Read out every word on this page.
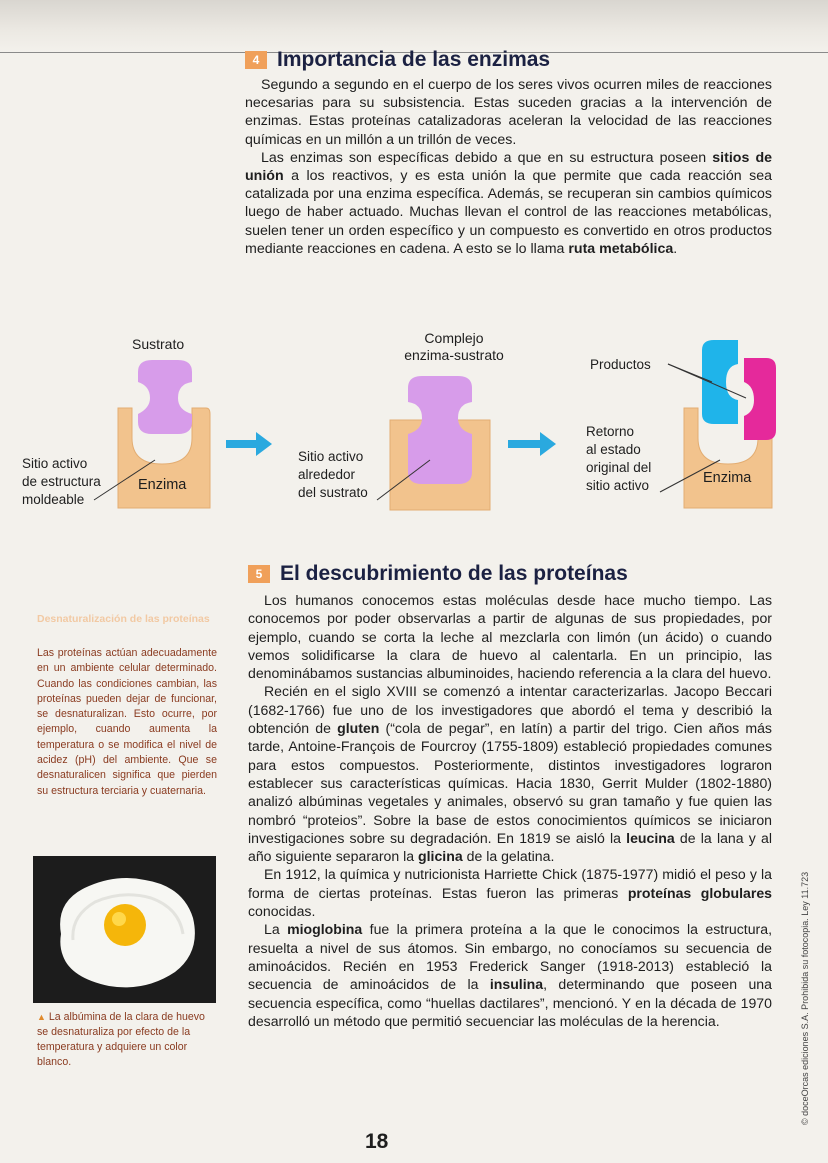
4 Importancia de las enzimas

Segundo a segundo en el cuerpo de los seres vivos ocurren miles de reacciones necesarias para su subsistencia. Estas suceden gracias a la intervención de enzimas. Estas proteínas catalizadoras aceleran la velocidad de las reacciones químicas en un millón a un trillón de veces.

Las enzimas son específicas debido a que en su estructura poseen sitios de unión a los reactivos, y es esta unión la que permite que cada reacción sea catalizada por una enzima específica. Además, se recuperan sin cambios químicos luego de haber actuado. Muchas llevan el control de las reacciones metabólicas, suelen tener un orden específico y un compuesto es convertido en otros productos mediante reacciones en cadena. A esto se lo llama ruta metabólica.

Sustrato	Complejo
enzima-sustrato
Productos
Sitio activo
de estructura
moldeable
Enzima
Sitio activo
alrededor
del sustrato
Retorno
al estado
original del
sitio activo	Enzima
5 El descubrimiento de las proteínas

Los humanos conocemos estas moléculas desde hace mucho tiempo. Las conocemos por poder observarlas a partir de algunas de sus propiedades, por ejemplo, cuando se corta la leche al mezclarla con limón (un ácido) o cuando vemos solidificarse la clara de huevo al calentarla. En un principio, las denominábamos sustancias albuminoides, haciendo referencia a la clara del huevo.

Recién en el siglo XVIII se comenzó a intentar caracterizarlas. Jacopo Beccari (1682-1766) fue uno de los investigadores que abordó el tema y describió la obtención de gluten (“cola de pegar”, en latín) a partir del trigo. Cien años más tarde, Antoine-François de Fourcroy (1755-1809) estableció propiedades comunes para estos compuestos. Posteriormente, distintos investigadores lograron establecer sus características químicas. Hacia 1830, Gerrit Mulder (1802-1880) analizó albúminas vegetales y animales, observó su gran tamaño y fue quien las nombró “proteios”. Sobre la base de estos conocimientos químicos se iniciaron investigaciones sobre su degradación. En 1819 se aisló la leucina de la lana y al año siguiente separaron la glicina de la gelatina.

En 1912, la química y nutricionista Harriette Chick (1875-1977) midió el peso y la forma de ciertas proteínas. Estas fueron las primeras proteínas globulares conocidas.

La mioglobina fue la primera proteína a la que le conocimos la estructura, resuelta a nivel de sus átomos. Sin embargo, no conocíamos su secuencia de aminoácidos. Recién en 1953 Frederick Sanger (1918-2013) estableció la secuencia de aminoácidos de la insulina, determinando que poseen una secuencia específica, como “huellas dactilares”, mencionó. Y en la década de 1970 desarrolló un método que permitió secuenciar las moléculas de la herencia.

Desnaturalización de las proteínas
Las proteínas actúan adecuadamente en un ambiente celular determinado. Cuando las condiciones cambian, las proteínas pueden dejar de funcionar, se desnaturalizan. Esto ocurre, por ejemplo, cuando aumenta la temperatura o se modifica el nivel de acidez (pH) del ambiente. Que se desnaturalicen significa que pierden su estructura terciaria y cuaternaria.
▲ La albúmina de la clara de huevo se desnaturaliza por efecto de la temperatura y adquiere un color blanco.
18
© doceOrcas ediciones S.A. Prohibida su fotocopia. Ley 11.723
